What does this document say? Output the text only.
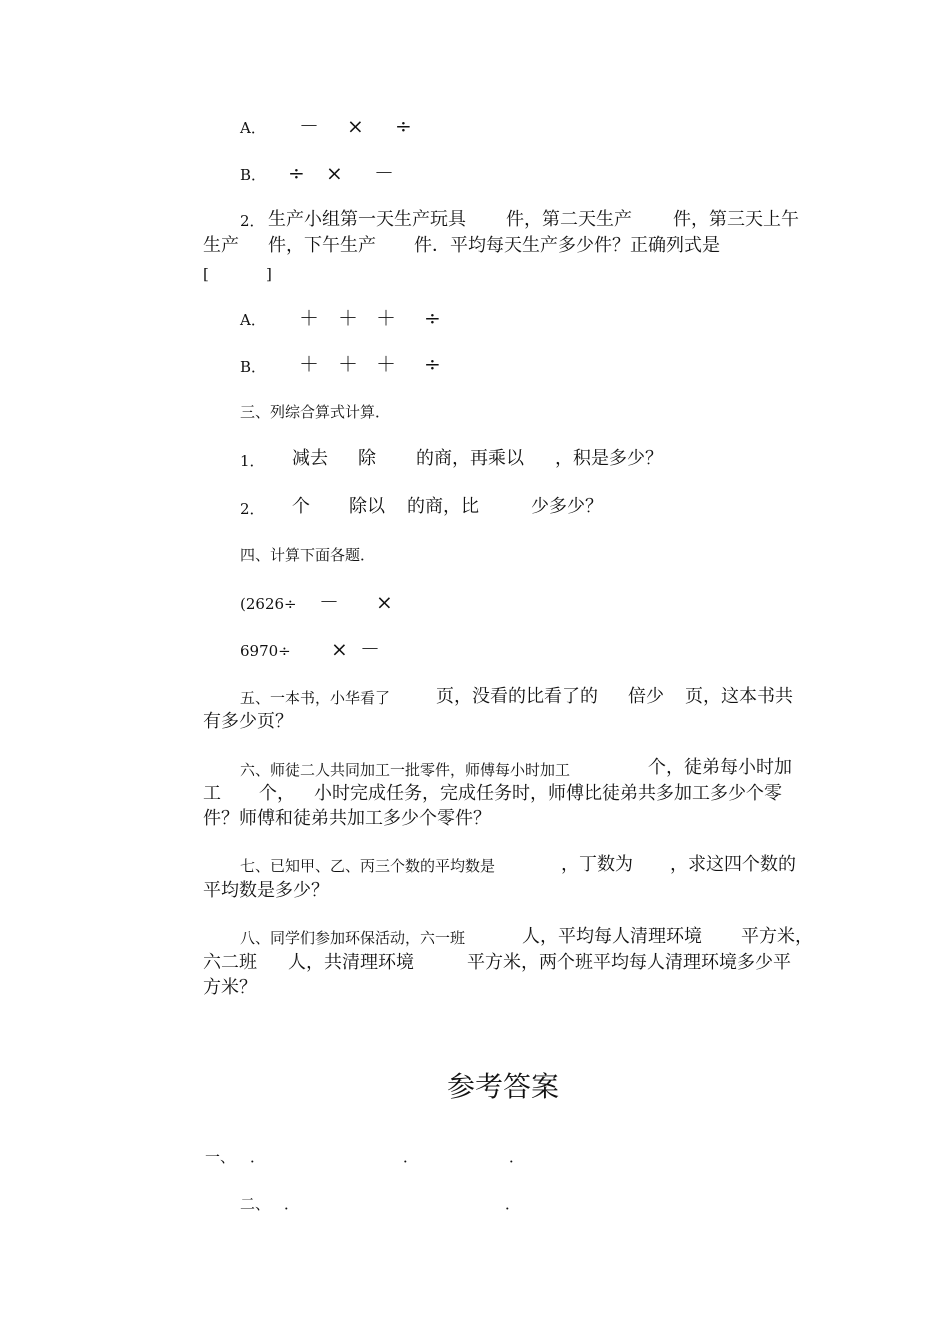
A． － × ÷
B． ÷ × －
2． 生产小组第一天生产玩具 件，第二天生产 件，第三天上午
生产 件，下午生产 件．平均每天生产多少件？正确列式是
[	]
A． ＋ ＋ ＋ ÷
B． ＋ ＋ ＋ ÷
三、列综合算式计算．
1． 减去 除 的商，再乘以 ，积是多少？
2． 个 除以 的商，比	少多少？
四、计算下面各题．
(2626÷ － ×
6970÷ × －
五、一本书，小华看了	页，没看的比看了的 倍少 页，这本书共
有多少页？
六、师徒二人共同加工一批零件，师傅每小时加工	个，徒弟每小时加
工 个， 小时完成任务，完成任务时，师傅比徒弟共多加工多少个零
件？师傅和徒弟共加工多少个零件？
七、已知甲、乙、丙三个数的平均数是	，丁数为 ，求这四个数的
平均数是多少？
八、同学们参加环保活动，六一班	人，平均每人清理环境 平方米，
六二班 人，共清理环境	平方米，两个班平均每人清理环境多少平
方米？
参考答案
一、 ．	．	．
二、 ．	．
